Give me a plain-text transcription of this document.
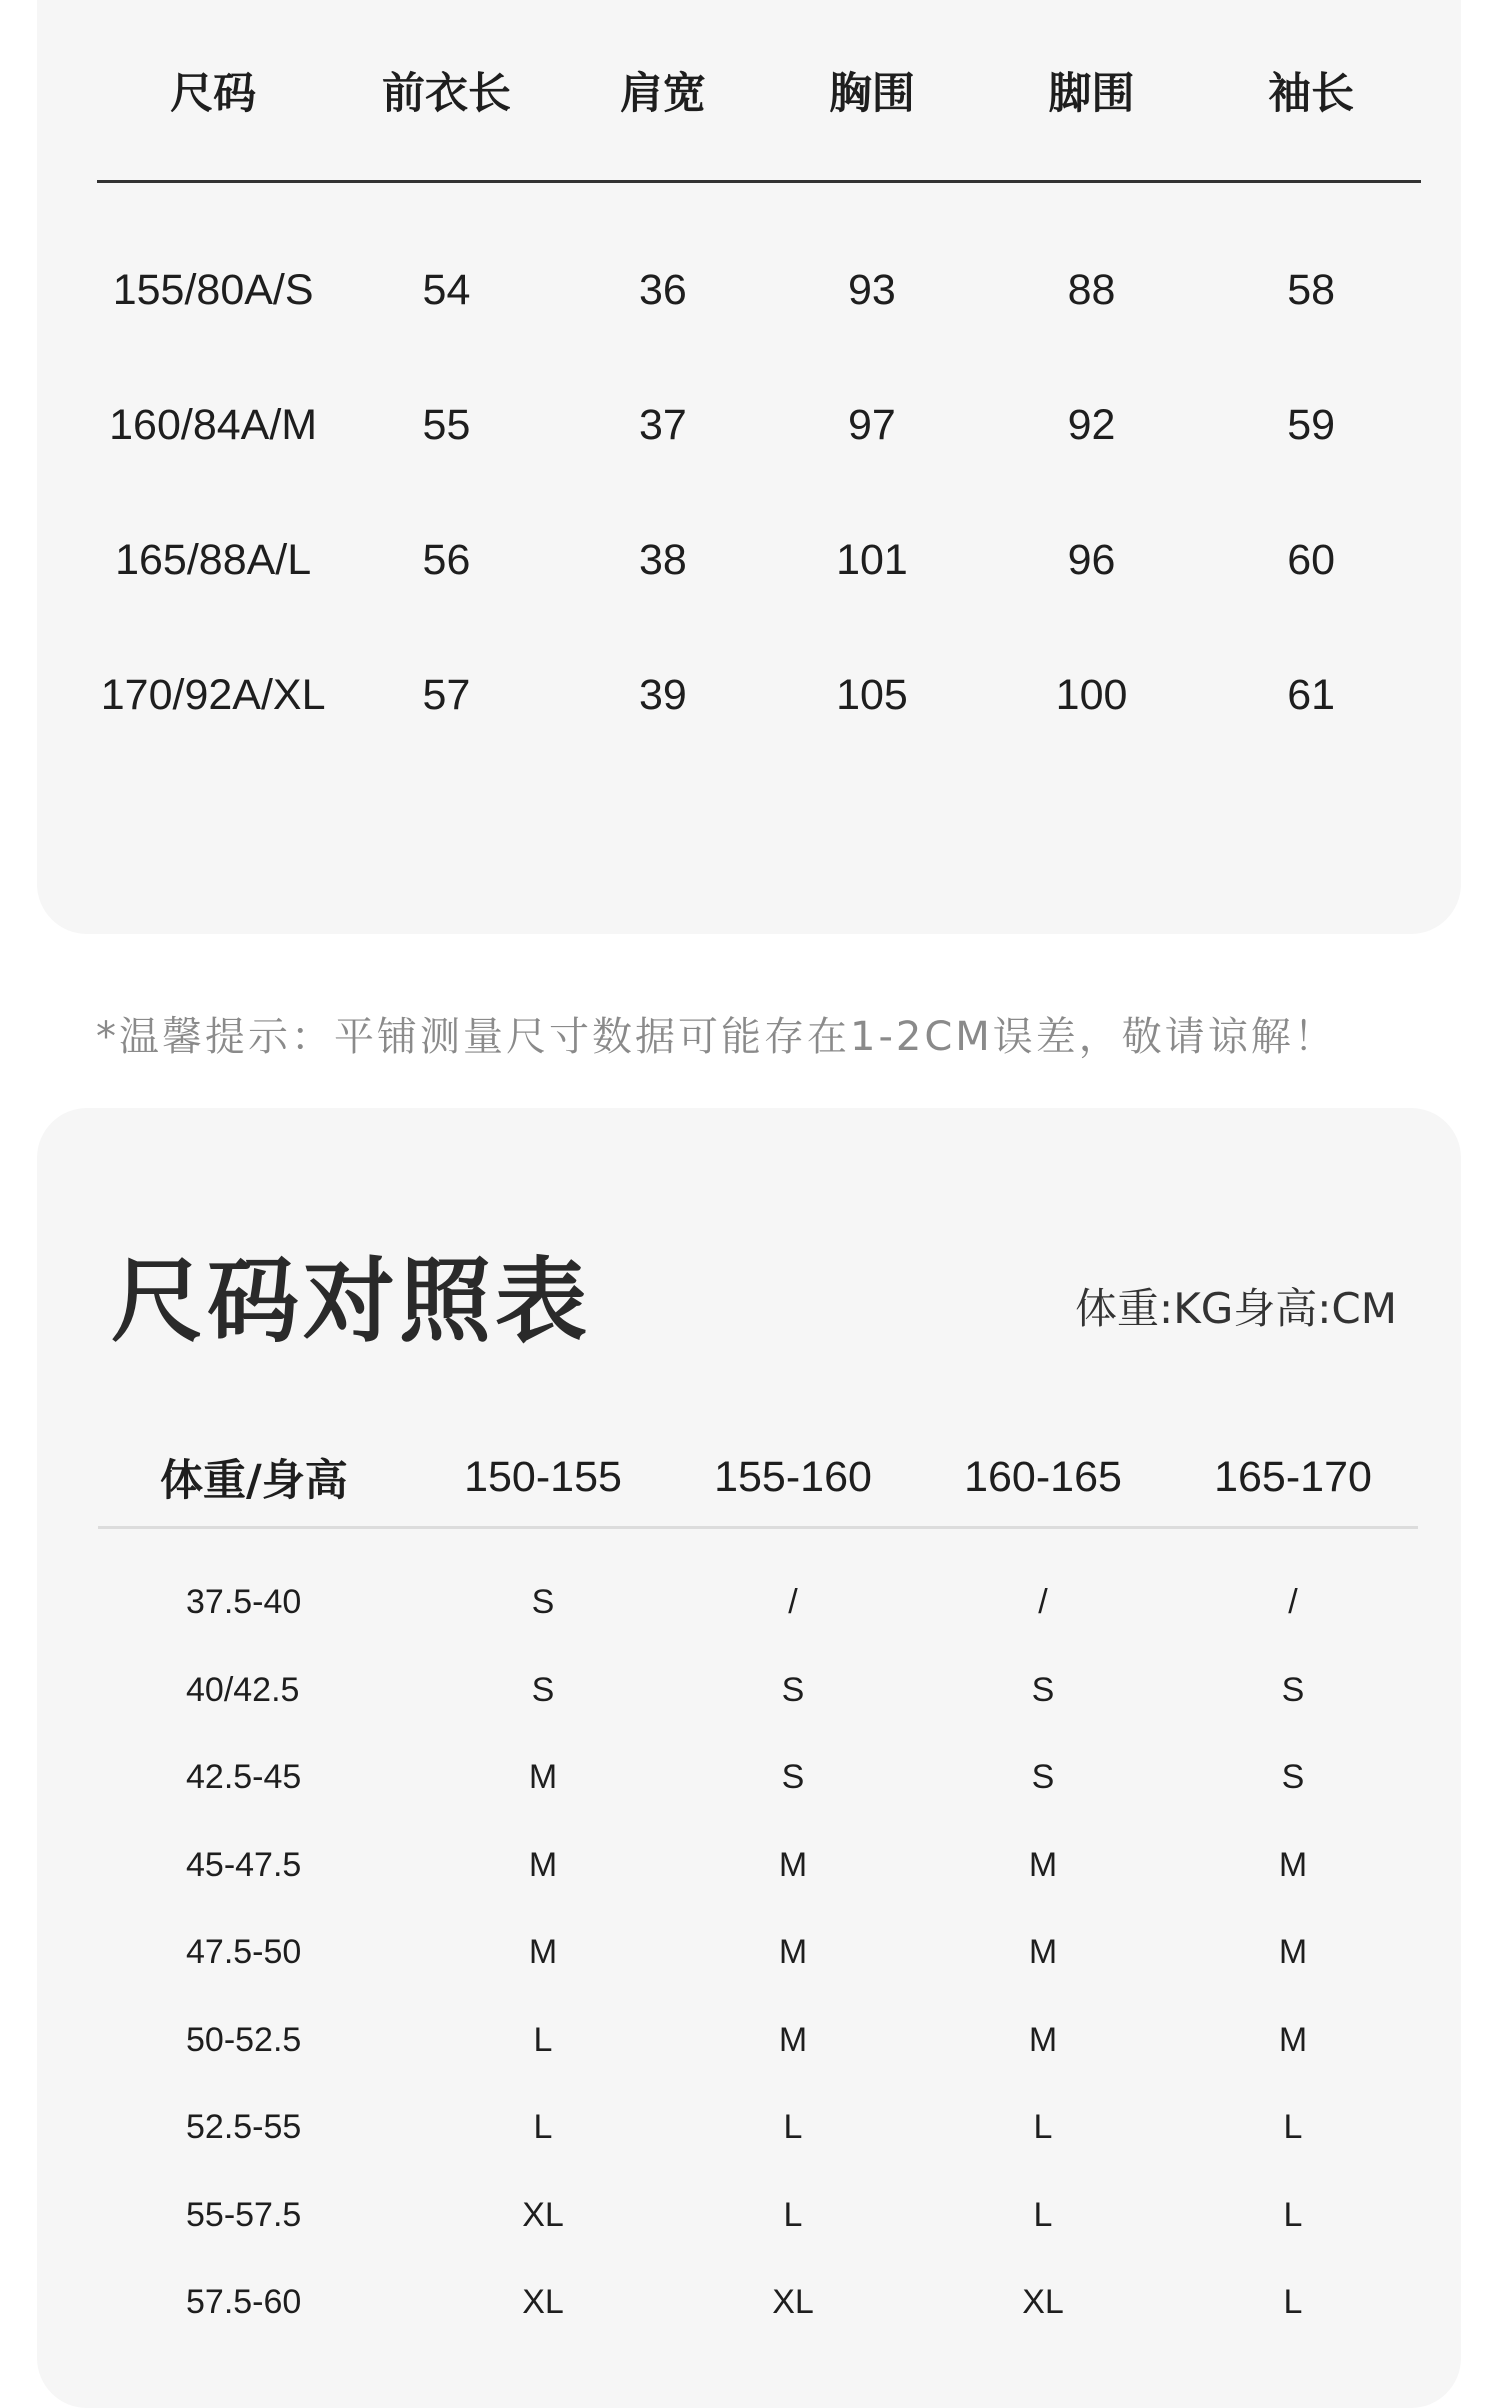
尺码	前衣长	肩宽	胸围	脚围	袖长

155/80A/S	54	36	93	88	58
160/84A/M	55	37	97	92	59
165/88A/L	56	38	101	96	60
170/92A/XL	57	39	105	100	61
*温馨提示：平铺测量尺寸数据可能存在1-2CM误差，敬请谅解！
尺码对照表	体重:KG身高:CM
体重/身高	150-155	155-160	160-165	165-170
37.5-40	S	/	/	/
40/42.5	S	S	S	S
42.5-45	M	S	S	S
45-47.5	M	M	M	M
47.5-50	M	M	M	M
50-52.5	L	M	M	M
52.5-55	L	L	L	L
55-57.5	XL	L	L	L
57.5-60	XL	XL	XL	L
